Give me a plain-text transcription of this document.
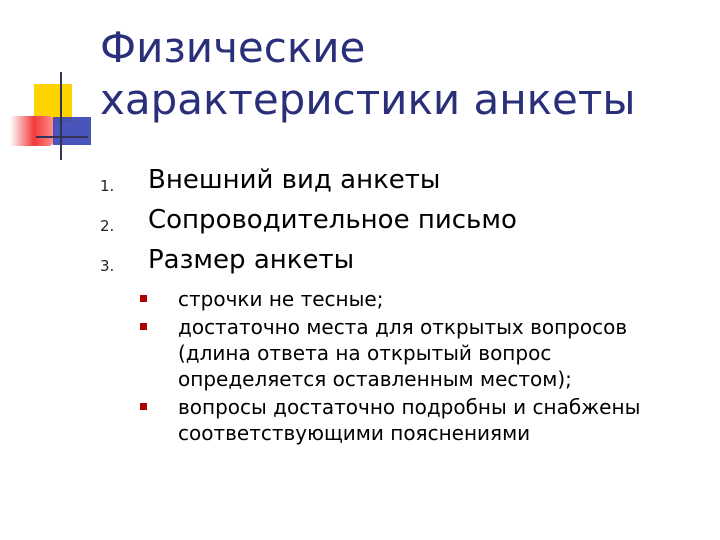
Физические характеристики анкеты
1. Внешний вид анкеты
2. Сопроводительное письмо
3. Размер анкеты
строчки не тесные;
достаточно места для открытых вопросов (длина ответа на открытый вопрос определяется оставленным местом);
вопросы достаточно подробны и снабжены соответствующими пояснениями
